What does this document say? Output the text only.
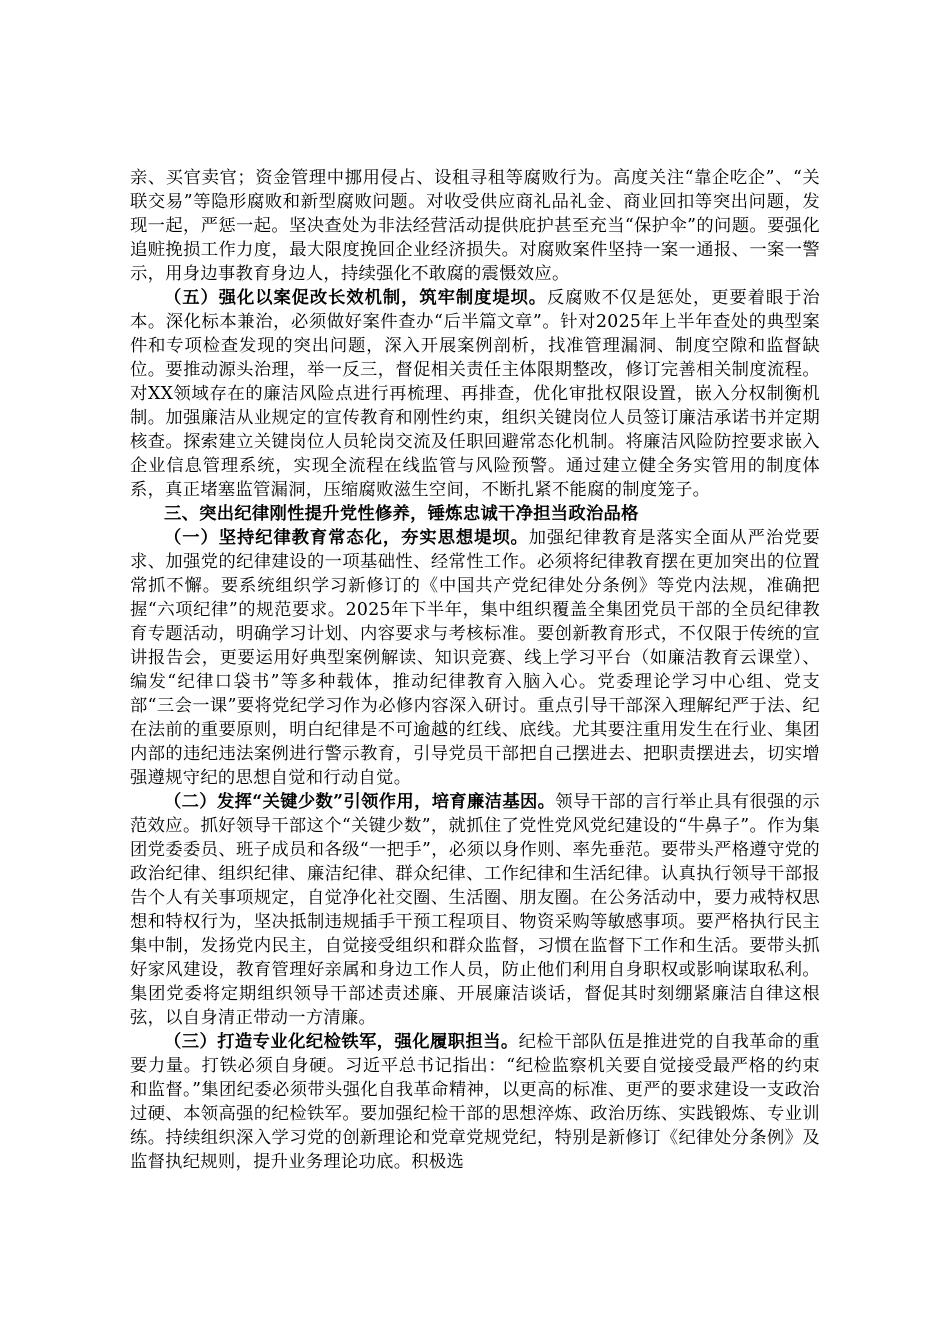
亲、买官卖官；资金管理中挪用侵占、设租寻租等腐败行为。高度关注“靠企吃企”、“关联交易”等隐形腐败和新型腐败问题。对收受供应商礼品礼金、商业回扣等突出问题，发现一起，严惩一起。坚决查处为非法经营活动提供庇护甚至充当“保护伞”的问题。要强化追赃挽损工作力度，最大限度挽回企业经济损失。对腐败案件坚持一案一通报、一案一警示，用身边事教育身边人，持续强化不敢腐的震慑效应。

（五）强化以案促改长效机制，筑牢制度堤坝。反腐败不仅是惩处，更要着眼于治本。深化标本兼治，必须做好案件查办“后半篇文章”。针对2025年上半年查处的典型案件和专项检查发现的突出问题，深入开展案例剖析，找准管理漏洞、制度空隙和监督缺位。要推动源头治理，举一反三，督促相关责任主体限期整改，修订完善相关制度流程。对XX领域存在的廉洁风险点进行再梳理、再排查，优化审批权限设置，嵌入分权制衡机制。加强廉洁从业规定的宣传教育和刚性约束，组织关键岗位人员签订廉洁承诺书并定期核查。探索建立关键岗位人员轮岗交流及任职回避常态化机制。将廉洁风险防控要求嵌入企业信息管理系统，实现全流程在线监管与风险预警。通过建立健全务实管用的制度体系，真正堵塞监管漏洞，压缩腐败滋生空间，不断扎紧不能腐的制度笼子。

三、突出纪律刚性提升党性修养，锤炼忠诚干净担当政治品格

（一）坚持纪律教育常态化，夯实思想堤坝。加强纪律教育是落实全面从严治党要求、加强党的纪律建设的一项基础性、经常性工作。必须将纪律教育摆在更加突出的位置常抓不懈。要系统组织学习新修订的《中国共产党纪律处分条例》等党内法规，准确把握“六项纪律”的规范要求。2025年下半年，集中组织覆盖全集团党员干部的全员纪律教育专题活动，明确学习计划、内容要求与考核标准。要创新教育形式，不仅限于传统的宣讲报告会，更要运用好典型案例解读、知识竞赛、线上学习平台（如廉洁教育云课堂）、编发“纪律口袋书”等多种载体，推动纪律教育入脑入心。党委理论学习中心组、党支部“三会一课”要将党纪学习作为必修内容深入研讨。重点引导干部深入理解纪严于法、纪在法前的重要原则，明白纪律是不可逾越的红线、底线。尤其要注重用发生在行业、集团内部的违纪违法案例进行警示教育，引导党员干部把自己摆进去、把职责摆进去，切实增强遵规守纪的思想自觉和行动自觉。

（二）发挥“关键少数”引领作用，培育廉洁基因。领导干部的言行举止具有很强的示范效应。抓好领导干部这个“关键少数”，就抓住了党性党风党纪建设的“牛鼻子”。作为集团党委委员、班子成员和各级“一把手”，必须以身作则、率先垂范。要带头严格遵守党的政治纪律、组织纪律、廉洁纪律、群众纪律、工作纪律和生活纪律。认真执行领导干部报告个人有关事项规定，自觉净化社交圈、生活圈、朋友圈。在公务活动中，要力戒特权思想和特权行为，坚决抵制违规插手干预工程项目、物资采购等敏感事项。要严格执行民主集中制，发扬党内民主，自觉接受组织和群众监督，习惯在监督下工作和生活。要带头抓好家风建设，教育管理好亲属和身边工作人员，防止他们利用自身职权或影响谋取私利。集团党委将定期组织领导干部述责述廉、开展廉洁谈话，督促其时刻绷紧廉洁自律这根弦，以自身清正带动一方清廉。

（三）打造专业化纪检铁军，强化履职担当。纪检干部队伍是推进党的自我革命的重要力量。打铁必须自身硬。习近平总书记指出：“纪检监察机关要自觉接受最严格的约束和监督。”集团纪委必须带头强化自我革命精神，以更高的标准、更严的要求建设一支政治过硬、本领高强的纪检铁军。要加强纪检干部的思想淬炼、政治历练、实践锻炼、专业训练。持续组织深入学习党的创新理论和党章党规党纪，特别是新修订《纪律处分条例》及监督执纪规则，提升业务理论功底。积极选
